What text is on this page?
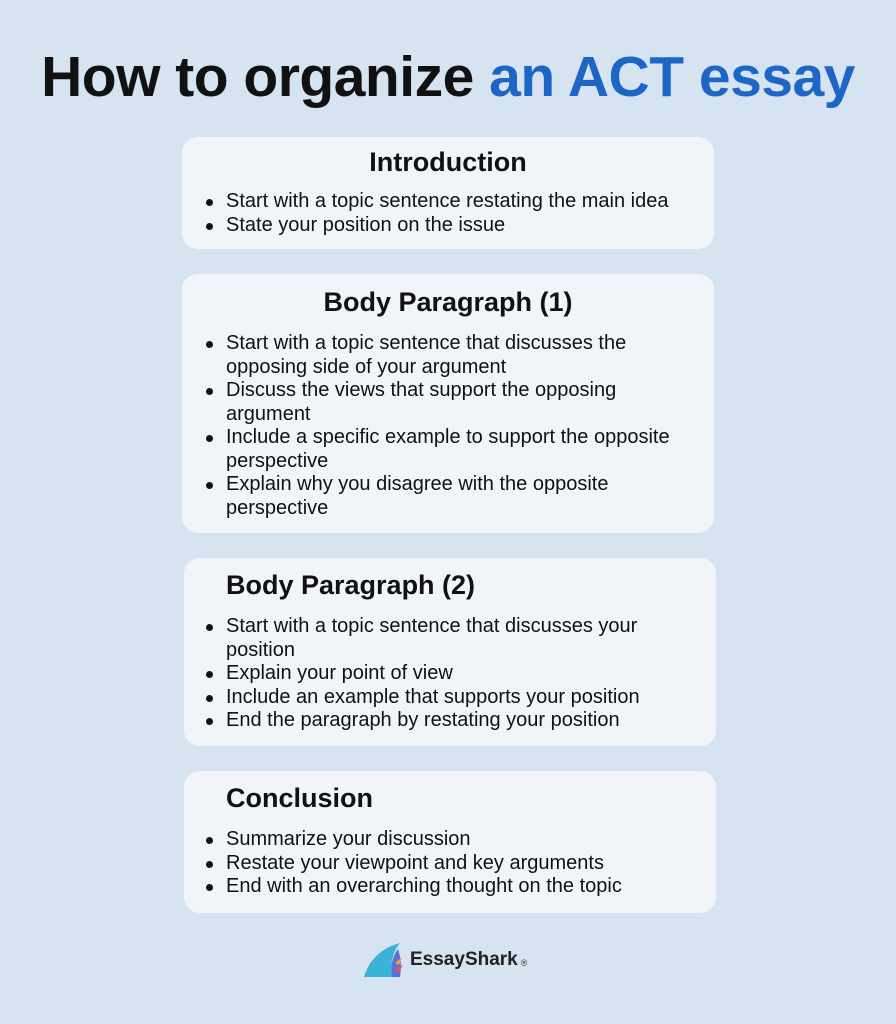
How to organize an ACT essay
Introduction
Start with a topic sentence restating the main idea
State your position on the issue
Body Paragraph (1)
Start with a topic sentence that discusses the opposing side of your argument
Discuss the views that support the opposing argument
Include a specific example to support the opposite perspective
Explain why you disagree with the opposite perspective
Body Paragraph (2)
Start with a topic sentence that discusses your position
Explain your point of view
Include an example that supports your position
End the paragraph by restating your position
Conclusion
Summarize your discussion
Restate your viewpoint and key arguments
End with an overarching thought on the topic
EssayShark ®
